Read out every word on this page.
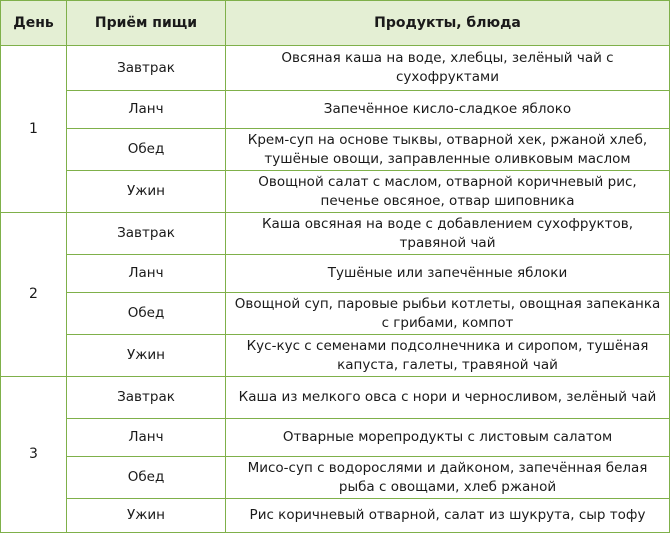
День	Приём пищи	Продукты, блюда
1	Завтрак	Овсяная каша на воде, хлебцы, зелёный чай с сухофруктами
	Ланч	Запечённое кисло-сладкое яблоко
	Обед	Крем-суп на основе тыквы, отварной хек, ржаной хлеб, тушёные овощи, заправленные оливковым маслом
	Ужин	Овощной салат с маслом, отварной коричневый рис, печенье овсяное, отвар шиповника
2	Завтрак	Каша овсяная на воде с добавлением сухофруктов, травяной чай
	Ланч	Тушёные или запечённые яблоки
	Обед	Овощной суп, паровые рыбьи котлеты, овощная запеканка с грибами, компот
	Ужин	Кус-кус с семенами подсолнечника и сиропом, тушёная капуста, галеты, травяной чай
3	Завтрак	Каша из мелкого овса с нори и черносливом, зелёный чай
	Ланч	Отварные морепродукты с листовым салатом
	Обед	Мисо-суп с водорослями и дайконом, запечённая белая рыба с овощами, хлеб ржаной
	Ужин	Рис коричневый отварной, салат из шукрута, сыр тофу
